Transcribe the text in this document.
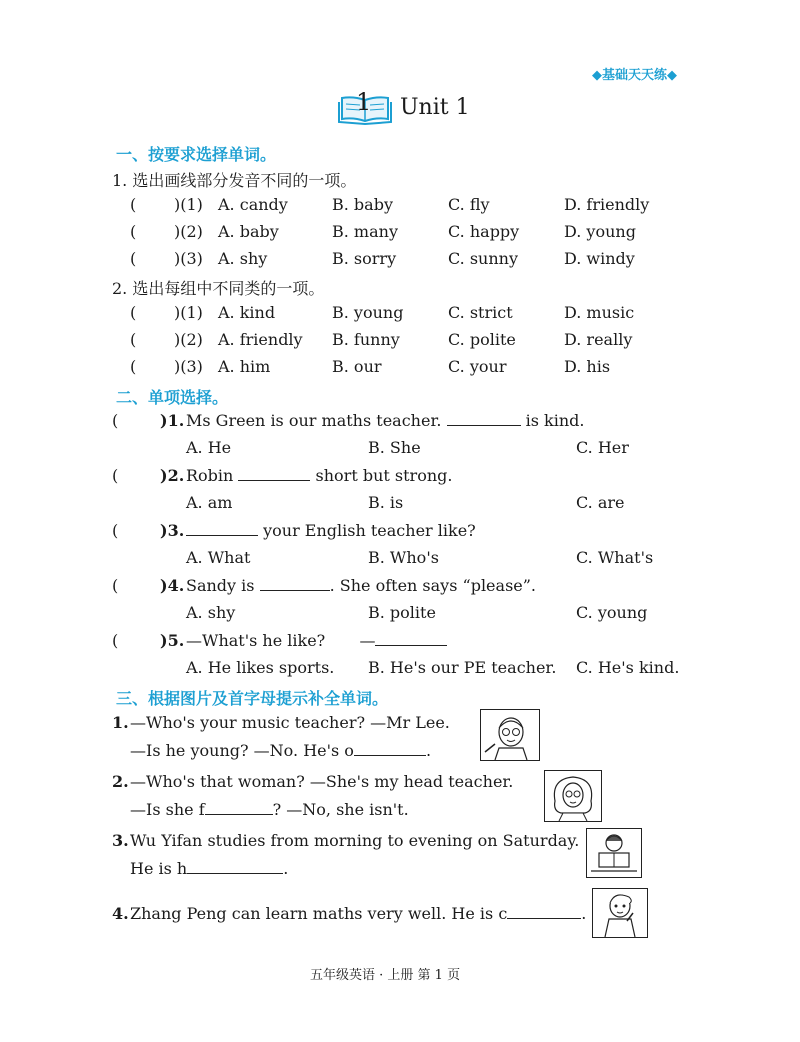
◆基础天天练◆
1 Unit 1
一、按要求选择单词。
1. 选出画线部分发音不同的一项。
( )(1) A. candy	B. baby	C. fly	D. friendly
( )(2) A. baby	B. many	C. happy	D. young
( )(3) A. shy	B. sorry	C. sunny	D. windy
2. 选出每组中不同类的一项。
( )(1) A. kind	B. young	C. strict	D. music
( )(2) A. friendly B. funny	C. polite	D. really
( )(3) A. him	B. our	C. your	D. his
二、单项选择。
(	)1. Ms Green is our maths teacher.	is kind.
A. He	B. She	C. Her
(	)2. Robin	short but strong.
A. am	B. is	C. are
(	)3.	your English teacher like?
A. What	B. Who's	C. What's
(	)4. Sandy is	. She often says “please”.
A. shy	B. polite	C. young
(	)5. —What's he like? —
A. He likes sports. B. He's our PE teacher. C. He's kind.
三、根据图片及首字母提示补全单词。
1. —Who's your music teacher? —Mr Lee.
—Is he young? —No. He's o	.
2. —Who's that woman? —She's my head teacher.
—Is she f	? —No, she isn't.
3. Wu Yifan studies from morning to evening on Saturday.
He is h	.
4. Zhang Peng can learn maths very well. He is c	.
五年级英语 · 上册 第 1 页
